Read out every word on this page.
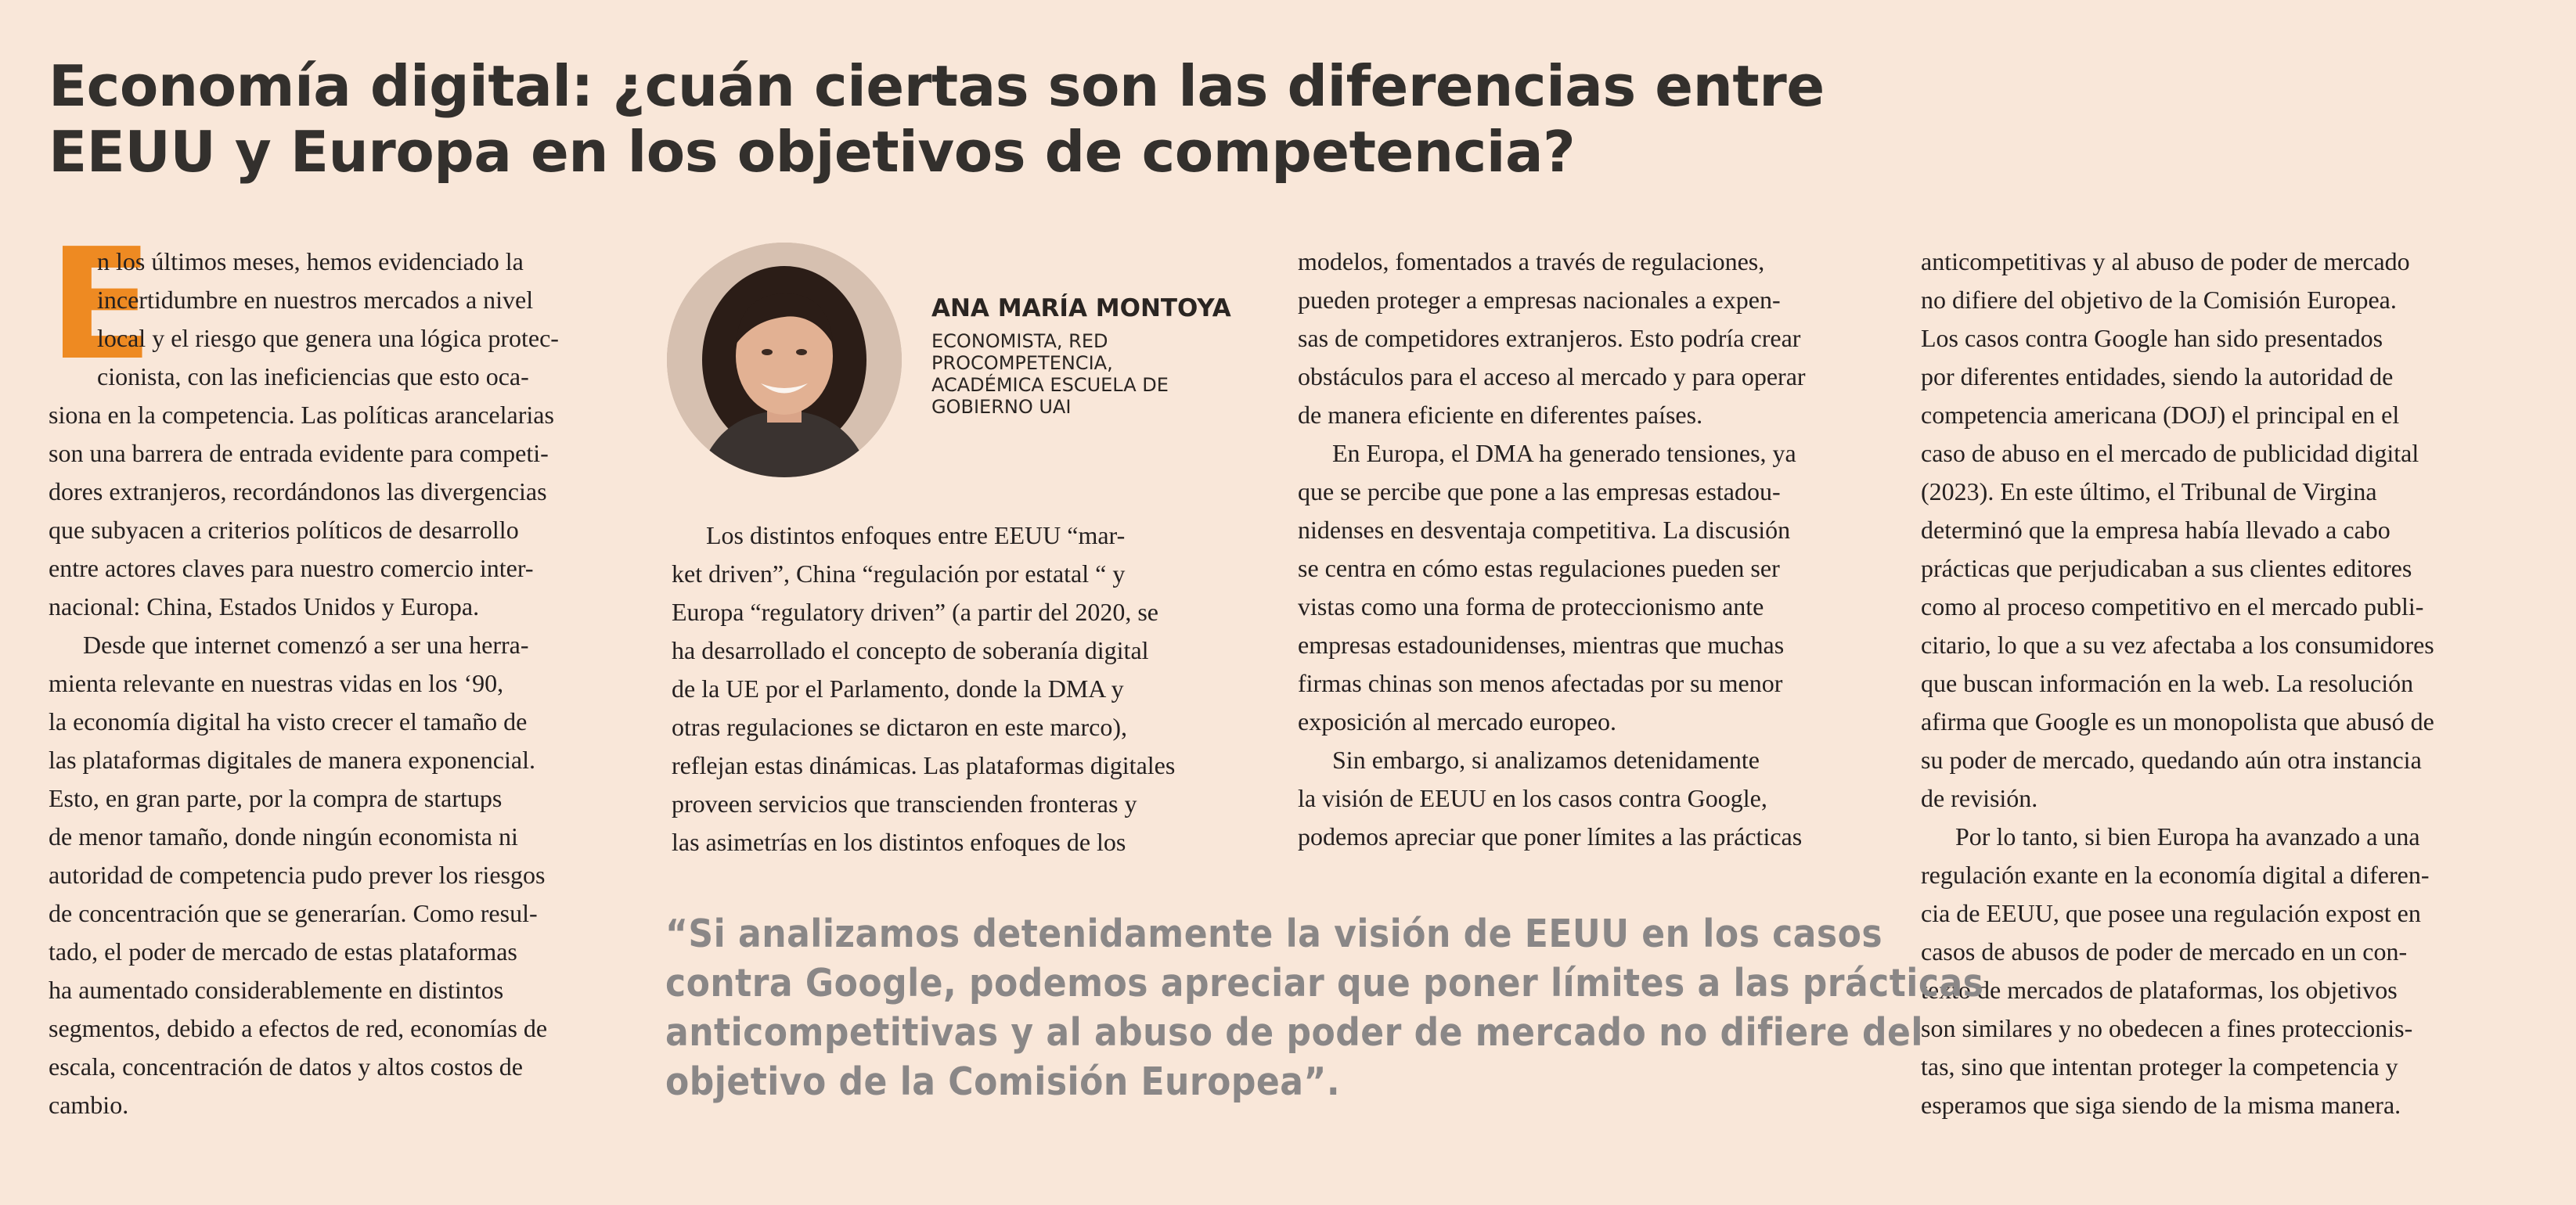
Economía digital: ¿cuán ciertas son las diferencias entre
EEUU y Europa en los objetivos de competencia?
E
n los últimos meses, hemos evidenciado la
incertidumbre en nuestros mercados a nivel
local y el riesgo que genera una lógica protec-
cionista, con las ineficiencias que esto oca-
siona en la competencia. Las políticas arancelarias
son una barrera de entrada evidente para competi-
dores extranjeros, recordándonos las divergencias
que subyacen a criterios políticos de desarrollo
entre actores claves para nuestro comercio inter-
nacional: China, Estados Unidos y Europa.
Desde que internet comenzó a ser una herra-
mienta relevante en nuestras vidas en los ‘90,
la economía digital ha visto crecer el tamaño de
las plataformas digitales de manera exponencial.
Esto, en gran parte, por la compra de startups
de menor tamaño, donde ningún economista ni
autoridad de competencia pudo prever los riesgos
de concentración que se generarían. Como resul-
tado, el poder de mercado de estas plataformas
ha aumentado considerablemente en distintos
segmentos, debido a efectos de red, economías de
escala, concentración de datos y altos costos de
cambio.
ANA MARÍA MONTOYA
ECONOMISTA, RED
PROCOMPETENCIA,
ACADÉMICA ESCUELA DE
GOBIERNO UAI
Los distintos enfoques entre EEUU “mar-
ket driven”, China “regulación por estatal “ y
Europa “regulatory driven” (a partir del 2020, se
ha desarrollado el concepto de soberanía digital
de la UE por el Parlamento, donde la DMA y
otras regulaciones se dictaron en este marco),
reflejan estas dinámicas. Las plataformas digitales
proveen servicios que transcienden fronteras y
las asimetrías en los distintos enfoques de los
modelos, fomentados a través de regulaciones,
pueden proteger a empresas nacionales a expen-
sas de competidores extranjeros. Esto podría crear
obstáculos para el acceso al mercado y para operar
de manera eficiente en diferentes países.
En Europa, el DMA ha generado tensiones, ya
que se percibe que pone a las empresas estadou-
nidenses en desventaja competitiva. La discusión
se centra en cómo estas regulaciones pueden ser
vistas como una forma de proteccionismo ante
empresas estadounidenses, mientras que muchas
firmas chinas son menos afectadas por su menor
exposición al mercado europeo.
Sin embargo, si analizamos detenidamente
la visión de EEUU en los casos contra Google,
podemos apreciar que poner límites a las prácticas
anticompetitivas y al abuso de poder de mercado
no difiere del objetivo de la Comisión Europea.
Los casos contra Google han sido presentados
por diferentes entidades, siendo la autoridad de
competencia americana (DOJ) el principal en el
caso de abuso en el mercado de publicidad digital
(2023). En este último, el Tribunal de Virgina
determinó que la empresa había llevado a cabo
prácticas que perjudicaban a sus clientes editores
como al proceso competitivo en el mercado publi-
citario, lo que a su vez afectaba a los consumidores
que buscan información en la web. La resolución
afirma que Google es un monopolista que abusó de
su poder de mercado, quedando aún otra instancia
de revisión.
Por lo tanto, si bien Europa ha avanzado a una
regulación exante en la economía digital a diferen-
cia de EEUU, que posee una regulación expost en
casos de abusos de poder de mercado en un con-
texto de mercados de plataformas, los objetivos
son similares y no obedecen a fines proteccionis-
tas, sino que intentan proteger la competencia y
esperamos que siga siendo de la misma manera.
“Si analizamos detenidamente la visión de EEUU en los casos
contra Google, podemos apreciar que poner límites a las prácticas
anticompetitivas y al abuso de poder de mercado no difiere del
objetivo de la Comisión Europea”.
